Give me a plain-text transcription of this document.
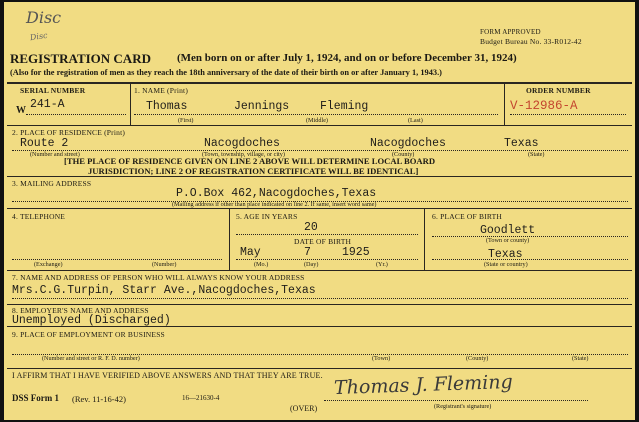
Disc
Disc	FORM APPROVED
Budget Bureau No. 33-R012-42
REGISTRATION CARD (Men born on or after July 1, 1924, and on or before December 31, 1924)
(Also for the registration of men as they reach the 18th anniversary of the date of their birth on or after January 1, 1943.)
SERIAL NUMBER
W 241-A
1. NAME (Print)
Thomas	Jennings	Fleming
(First)	(Middle)	(Last)
ORDER NUMBER
V-12986-A
2. PLACE OF RESIDENCE (Print)
Route 2	Nacogdoches	Nacogdoches	Texas
(Number and street)	(Town, township, village, or city)	(County)	(State)
[THE PLACE OF RESIDENCE GIVEN ON LINE 2 ABOVE WILL DETERMINE LOCAL BOARD
JURISDICTION; LINE 2 OF REGISTRATION CERTIFICATE WILL BE IDENTICAL]
3. MAILING ADDRESS
P.O.Box 462,Nacogdoches,Texas
(Mailing address if other than place indicated on line 2. If same, insert word same)
4. TELEPHONE
(Exchange)	(Number)
5. AGE IN YEARS
20
DATE OF BIRTH
May	7	1925
(Mo.)	(Day)	(Yr.)
6. PLACE OF BIRTH
Goodlett
(Town or county)
Texas
(State or country)
7. NAME AND ADDRESS OF PERSON WHO WILL ALWAYS KNOW YOUR ADDRESS
Mrs.C.G.Turpin, Starr Ave.,Nacogdoches,Texas
8. EMPLOYER'S NAME AND ADDRESS
Unemployed (Discharged)
9. PLACE OF EMPLOYMENT OR BUSINESS
(Number and street or R. F. D. number)	(Town)	(County)	(State)
I AFFIRM THAT I HAVE VERIFIED ABOVE ANSWERS AND THAT THEY ARE TRUE.
DSS Form 1 (Rev. 11-16-42)	16—21630-4
(OVER)
Thomas J. Fleming
(Registrant's signature)
